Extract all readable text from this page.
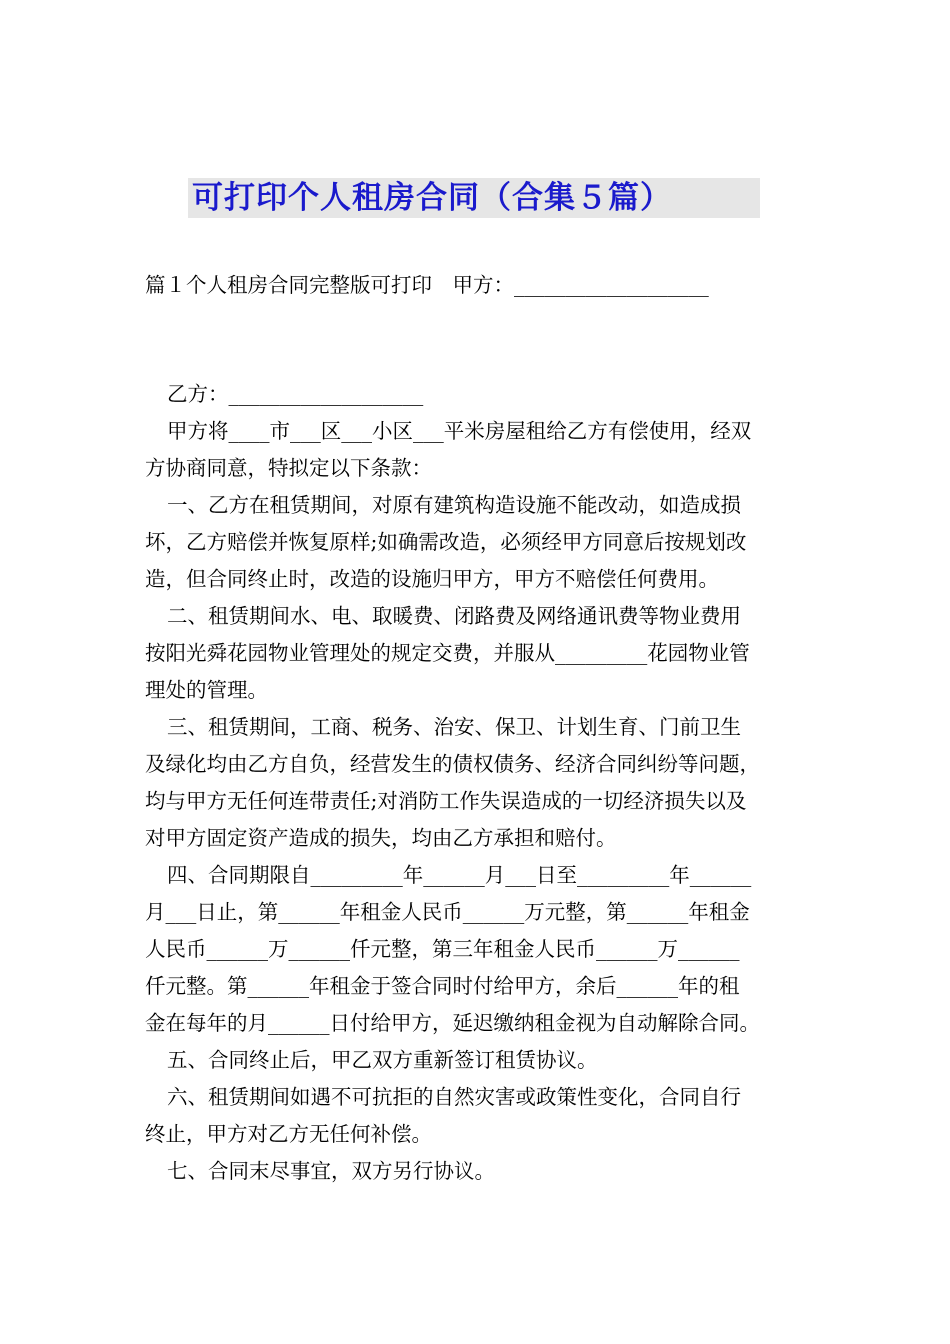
可打印个人租房合同（合集５篇）
篇１个人租房合同完整版可打印　甲方：___________________
乙方：___________________
甲方将____市___区___小区___平米房屋租给乙方有偿使用，经双
方协商同意，特拟定以下条款：
一、乙方在租赁期间，对原有建筑构造设施不能改动，如造成损
坏，乙方赔偿并恢复原样;如确需改造，必须经甲方同意后按规划改
造，但合同终止时，改造的设施归甲方，甲方不赔偿任何费用。
二、租赁期间水、电、取暖费、闭路费及网络通讯费等物业费用
按阳光舜花园物业管理处的规定交费，并服从_________花园物业管
理处的管理。
三、租赁期间，工商、税务、治安、保卫、计划生育、门前卫生
及绿化均由乙方自负，经营发生的债权债务、经济合同纠纷等问题，
均与甲方无任何连带责任;对消防工作失误造成的一切经济损失以及
对甲方固定资产造成的损失，均由乙方承担和赔付。
四、合同期限自_________年______月___日至_________年______
月___日止，第______年租金人民币______万元整，第______年租金
人民币______万______仟元整，第三年租金人民币______万______
仟元整。第______年租金于签合同时付给甲方，余后______年的租
金在每年的月______日付给甲方，延迟缴纳租金视为自动解除合同。
五、合同终止后，甲乙双方重新签订租赁协议。
六、租赁期间如遇不可抗拒的自然灾害或政策性变化，合同自行
终止，甲方对乙方无任何补偿。
七、合同末尽事宜，双方另行协议。
